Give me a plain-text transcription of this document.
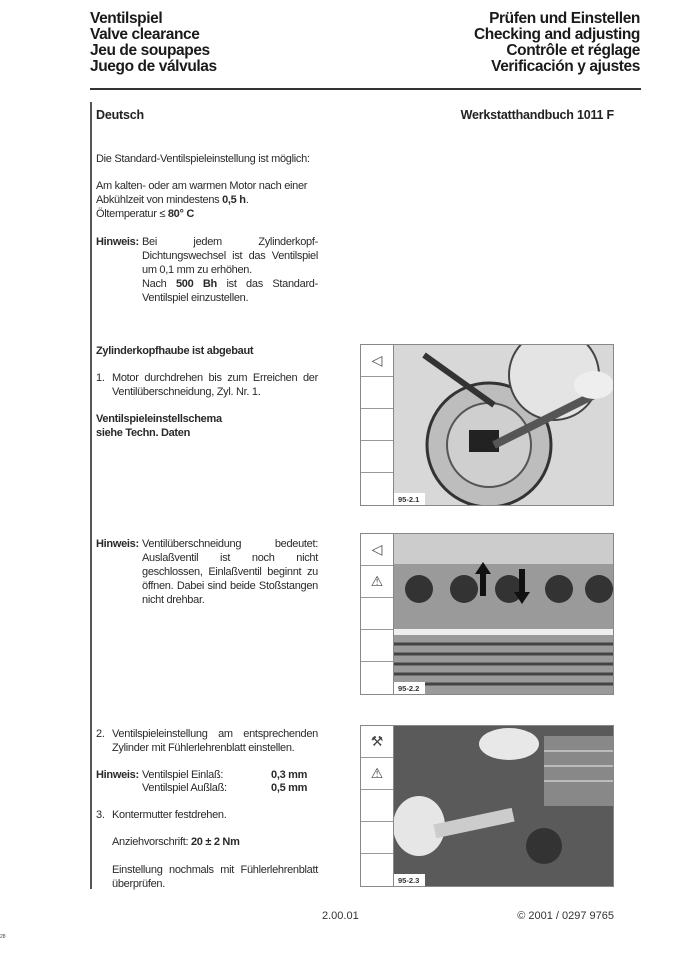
Ventilspiel
Valve clearance
Jeu de soupapes
Juego de válvulas
Prüfen und Einstellen
Checking and adjusting
Contrôle et réglage
Verificación y ajustes
Deutsch	Werkstatthandbuch 1011 F
Die Standard-Ventilspieleinstellung ist möglich:
Am kalten- oder am warmen Motor nach einer Abkühlzeit von mindestens 0,5 h.
Öltemperatur ≤ 80° C
Hinweis: Bei jedem Zylinderkopf-Dichtungswechsel ist das Ventilspiel um 0,1 mm zu erhöhen.
Nach 500 Bh ist das Standard-Ventilspiel einzustellen.
Zylinderkopfhaube ist abgebaut
1. Motor durchdrehen bis zum Erreichen der Ventilüberschneidung, Zyl. Nr. 1.
Ventilspieleinstellschema
siehe Techn. Daten
Hinweis: Ventilüberschneidung bedeutet: Auslaßventil ist noch nicht geschlossen, Einlaßventil beginnt zu öffnen. Dabei sind beide Stoßstangen nicht drehbar.
2. Ventilspieleinstellung am entsprechenden Zylinder mit Fühlerlehrenblatt einstellen.
Hinweis: Ventilspiel Einlaß:	0,3 mm
Ventilspiel Außlaß:	0,5 mm
3. Kontermutter festdrehen.
Anziehvorschrift: 20 ± 2 Nm
Einstellung nochmals mit Fühlerlehrenblatt überprüfen.
◁
95-2.1
◁
⚠
95-2.2
⚒
⚠
95-2.3
2.00.01	© 2001 / 0297 9765
28
